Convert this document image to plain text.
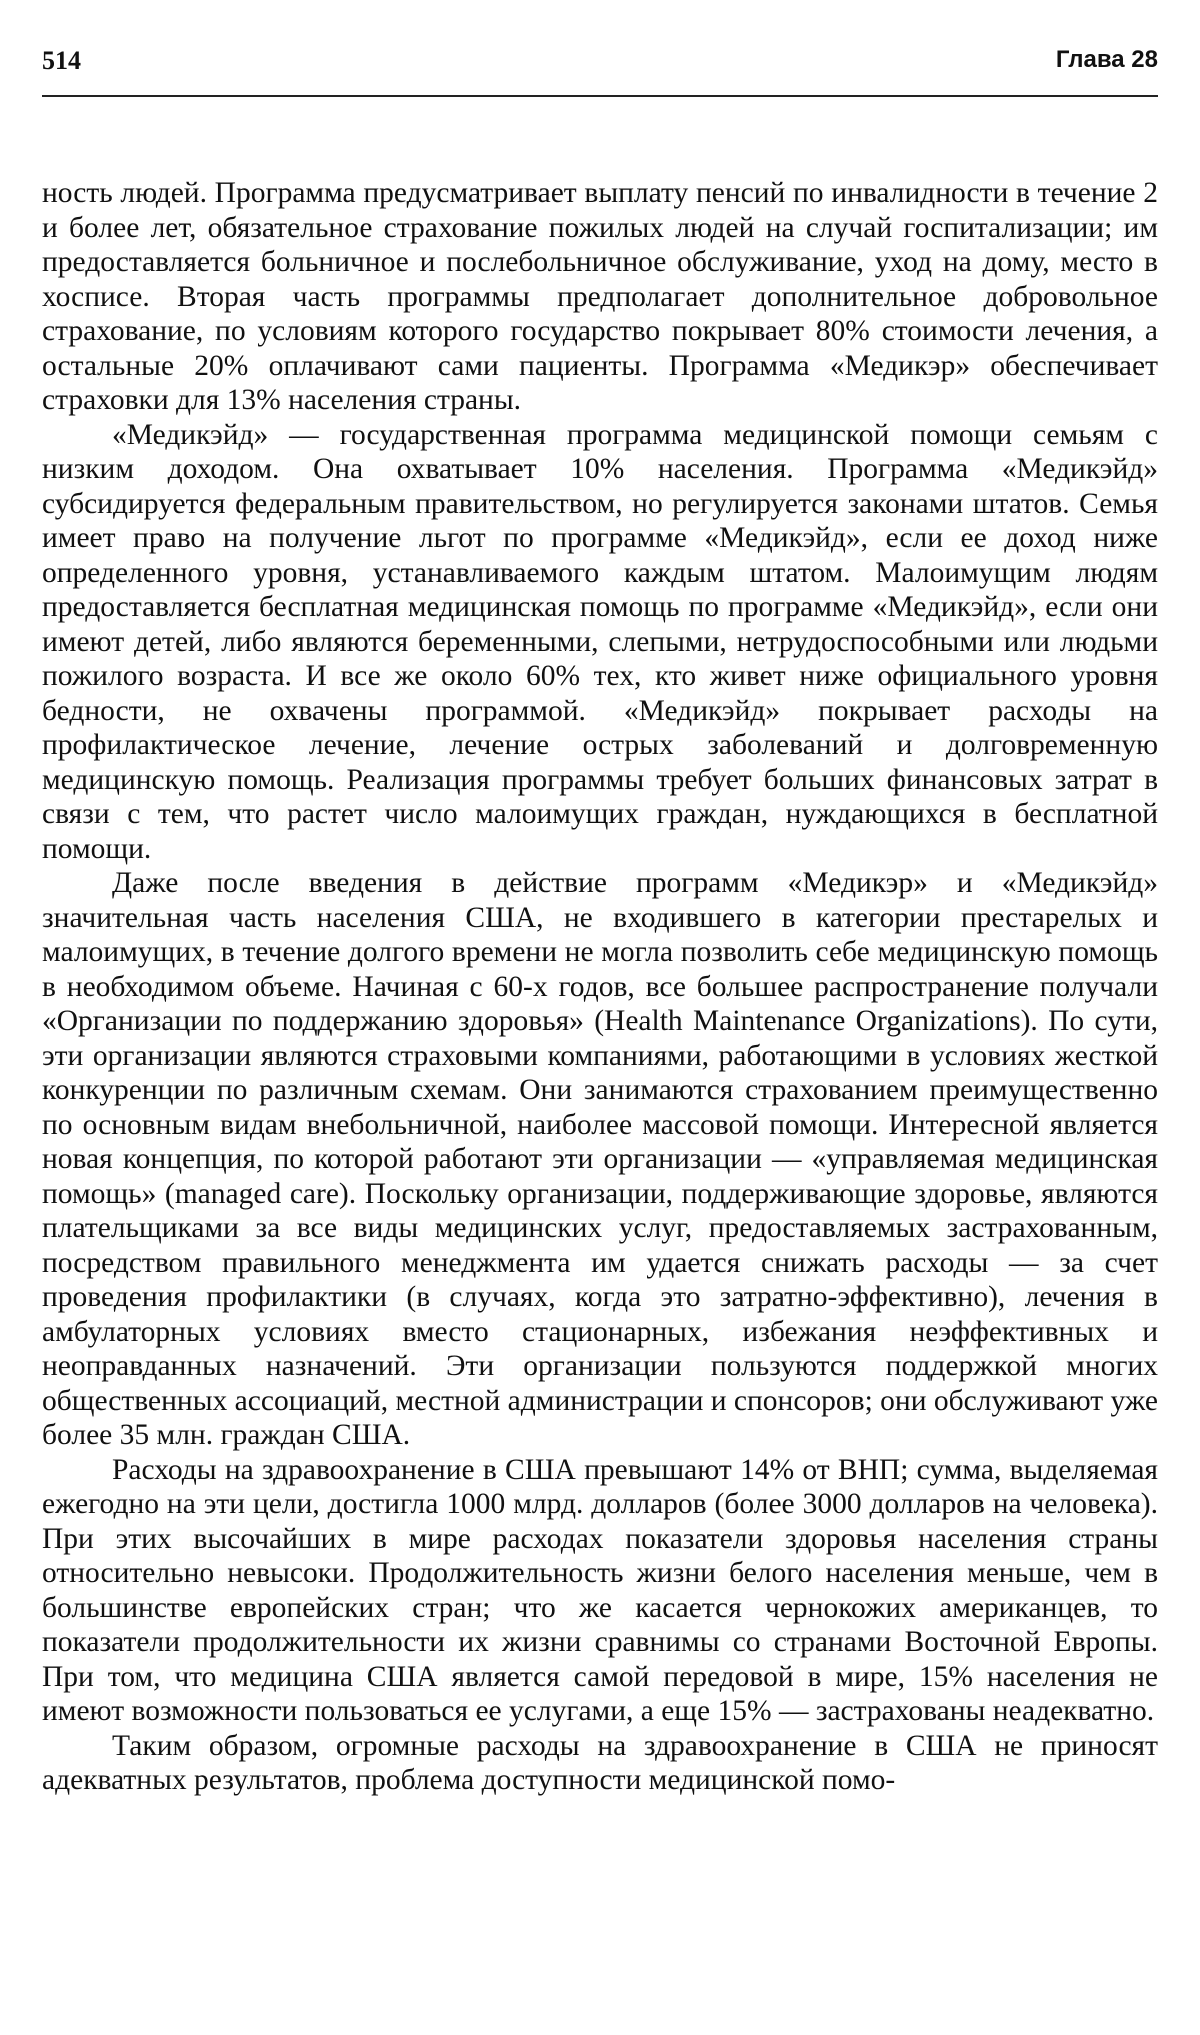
514	Глава 28

ность людей. Программа предусматривает выплату пенсий по инвалидности в течение 2 и более лет, обязательное страхование пожилых людей на случай госпитализации; им предоставляется больничное и послебольничное обслуживание, уход на дому, место в хосписе. Вторая часть программы предполагает дополнительное добровольное страхование, по условиям которого государство покрывает 80% стоимости лечения, а остальные 20% оплачивают сами пациенты. Программа «Медикэр» обеспечивает страховки для 13% населения страны.

«Медикэйд» — государственная программа медицинской помощи семьям с низким доходом. Она охватывает 10% населения. Программа «Медикэйд» субсидируется федеральным правительством, но регулируется законами штатов. Семья имеет право на получение льгот по программе «Медикэйд», если ее доход ниже определенного уровня, устанавливаемого каждым штатом. Малоимущим людям предоставляется бесплатная медицинская помощь по программе «Медикэйд», если они имеют детей, либо являются беременными, слепыми, нетрудоспособными или людьми пожилого возраста. И все же около 60% тех, кто живет ниже официального уровня бедности, не охвачены программой. «Медикэйд» покрывает расходы на профилактическое лечение, лечение острых заболеваний и долговременную медицинскую помощь. Реализация программы требует больших финансовых затрат в связи с тем, что растет число малоимущих граждан, нуждающихся в бесплатной помощи.

Даже после введения в действие программ «Медикэр» и «Медикэйд» значительная часть населения США, не входившего в категории престарелых и малоимущих, в течение долгого времени не могла позволить себе медицинскую помощь в необходимом объеме. Начиная с 60-х годов, все большее распространение получали «Организации по поддержанию здоровья» (Health Maintenance Organizations). По сути, эти организации являются страховыми компаниями, работающими в условиях жесткой конкуренции по различным схемам. Они занимаются страхованием преимущественно по основным видам внебольничной, наиболее массовой помощи. Интересной является новая концепция, по которой работают эти организации — «управляемая медицинская помощь» (managed care). Поскольку организации, поддерживающие здоровье, являются плательщиками за все виды медицинских услуг, предоставляемых застрахованным, посредством правильного менеджмента им удается снижать расходы — за счет проведения профилактики (в случаях, когда это затратно-эффективно), лечения в амбулаторных условиях вместо стационарных, избежания неэффективных и неоправданных назначений. Эти организации пользуются поддержкой многих общественных ассоциаций, местной администрации и спонсоров; они обслуживают уже более 35 млн. граждан США.

Расходы на здравоохранение в США превышают 14% от ВНП; сумма, выделяемая ежегодно на эти цели, достигла 1000 млрд. долларов (более 3000 долларов на человека). При этих высочайших в мире расходах показатели здоровья населения страны относительно невысоки. Продолжительность жизни белого населения меньше, чем в большинстве европейских стран; что же касается чернокожих американцев, то показатели продолжительности их жизни сравнимы со странами Восточной Европы. При том, что медицина США является самой передовой в мире, 15% населения не имеют возможности пользоваться ее услугами, а еще 15% — застрахованы неадекватно.

Таким образом, огромные расходы на здравоохранение в США не приносят адекватных результатов, проблема доступности медицинской помо-
